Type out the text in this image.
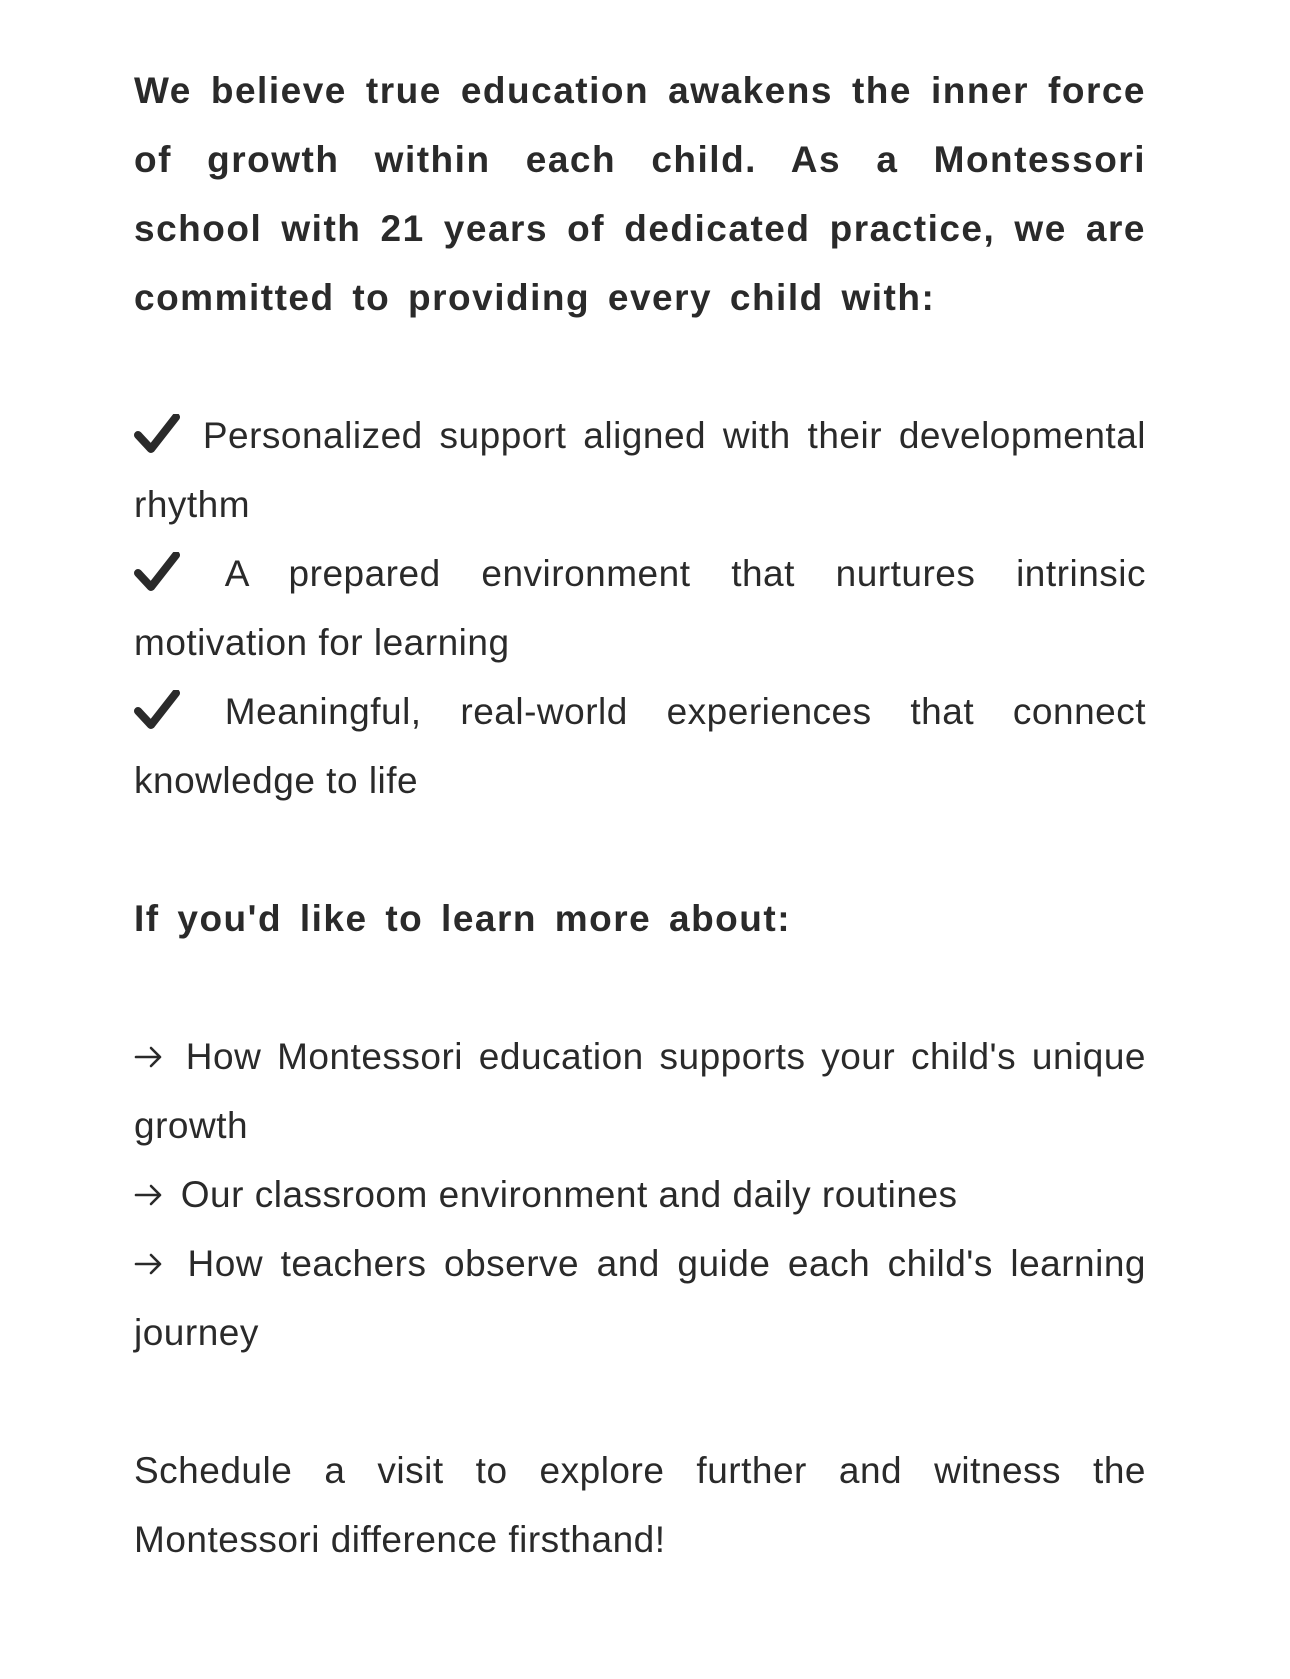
We believe true education awakens the inner force of growth within each child. As a Montessori school with 21 years of dedicated practice, we are committed to providing every child with:

Personalized support aligned with their developmental rhythm

A prepared environment that nurtures intrinsic motivation for learning

Meaningful, real-world experiences that connect knowledge to life

If you'd like to learn more about:

How Montessori education supports your child's unique growth

Our classroom environment and daily routines

How teachers observe and guide each child's learning journey

Schedule a visit to explore further and witness the Montessori difference firsthand!
